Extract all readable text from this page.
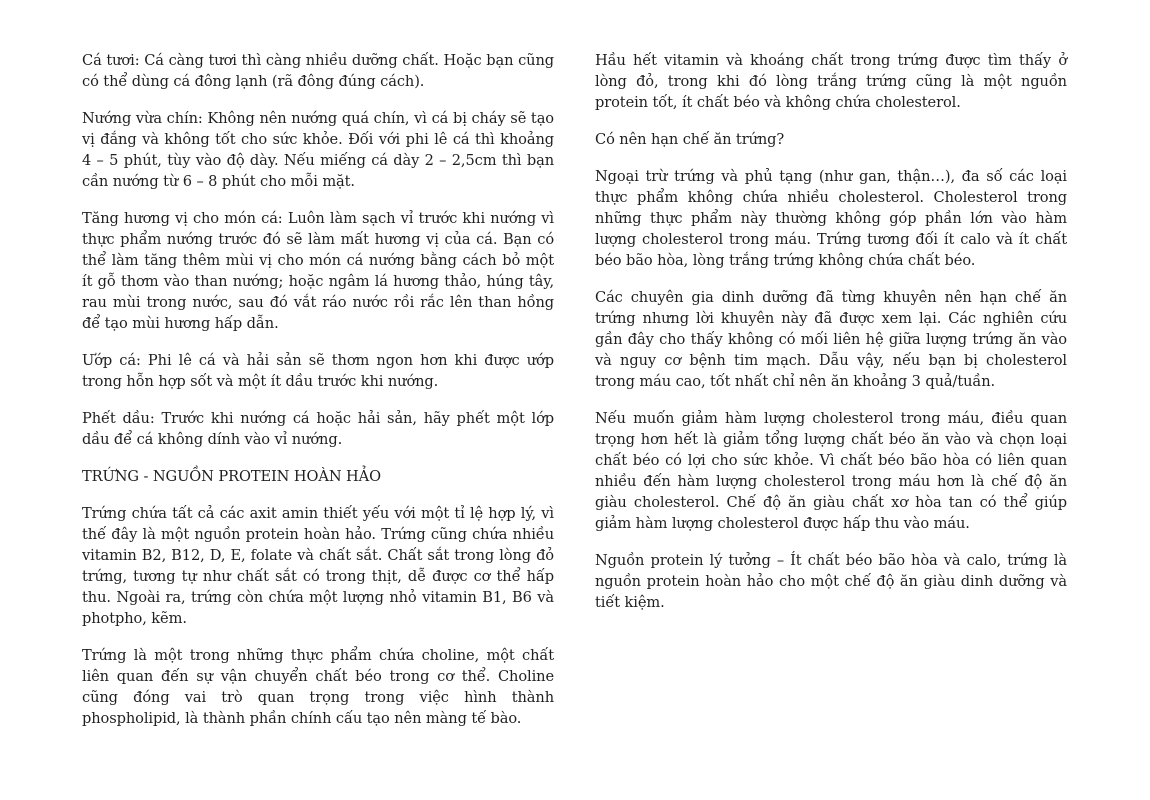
Cá tươi: Cá càng tươi thì càng nhiều dưỡng chất. Hoặc bạn cũng có thể dùng cá đông lạnh (rã đông đúng cách).

Nướng vừa chín: Không nên nướng quá chín, vì cá bị cháy sẽ tạo vị đắng và không tốt cho sức khỏe. Đối với phi lê cá thì khoảng 4 – 5 phút, tùy vào độ dày. Nếu miếng cá dày 2 – 2,5cm thì bạn cần nướng từ 6 – 8 phút cho mỗi mặt.

Tăng hương vị cho món cá: Luôn làm sạch vỉ trước khi nướng vì thực phẩm nướng trước đó sẽ làm mất hương vị của cá. Bạn có thể làm tăng thêm mùi vị cho món cá nướng bằng cách bỏ một ít gỗ thơm vào than nướng; hoặc ngâm lá hương thảo, húng tây, rau mùi trong nước, sau đó vắt ráo nước rồi rắc lên than hồng để tạo mùi hương hấp dẫn.

Ướp cá: Phi lê cá và hải sản sẽ thơm ngon hơn khi được ướp trong hỗn hợp sốt và một ít dầu trước khi nướng.

Phết dầu: Trước khi nướng cá hoặc hải sản, hãy phết một lớp dầu để cá không dính vào vỉ nướng.

TRỨNG - NGUỒN PROTEIN HOÀN HẢO

Trứng chứa tất cả các axit amin thiết yếu với một tỉ lệ hợp lý, vì thế đây là một nguồn protein hoàn hảo. Trứng cũng chứa nhiều vitamin B2, B12, D, E, folate và chất sắt. Chất sắt trong lòng đỏ trứng, tương tự như chất sắt có trong thịt, dễ được cơ thể hấp thu. Ngoài ra, trứng còn chứa một lượng nhỏ vitamin B1, B6 và photpho, kẽm.

Trứng là một trong những thực phẩm chứa choline, một chất liên quan đến sự vận chuyển chất béo trong cơ thể. Choline cũng đóng vai trò quan trọng trong việc hình thành phospholipid, là thành phần chính cấu tạo nên màng tế bào.

Hầu hết vitamin và khoáng chất trong trứng được tìm thấy ở lòng đỏ, trong khi đó lòng trắng trứng cũng là một nguồn protein tốt, ít chất béo và không chứa cholesterol.

Có nên hạn chế ăn trứng?

Ngoại trừ trứng và phủ tạng (như gan, thận…), đa số các loại thực phẩm không chứa nhiều cholesterol. Cholesterol trong những thực phẩm này thường không góp phần lớn vào hàm lượng cholesterol trong máu. Trứng tương đối ít calo và ít chất béo bão hòa, lòng trắng trứng không chứa chất béo.

Các chuyên gia dinh dưỡng đã từng khuyên nên hạn chế ăn trứng nhưng lời khuyên này đã được xem lại. Các nghiên cứu gần đây cho thấy không có mối liên hệ giữa lượng trứng ăn vào và nguy cơ bệnh tim mạch. Dẫu vậy, nếu bạn bị cholesterol trong máu cao, tốt nhất chỉ nên ăn khoảng 3 quả/tuần.

Nếu muốn giảm hàm lượng cholesterol trong máu, điều quan trọng hơn hết là giảm tổng lượng chất béo ăn vào và chọn loại chất béo có lợi cho sức khỏe. Vì chất béo bão hòa có liên quan nhiều đến hàm lượng cholesterol trong máu hơn là chế độ ăn giàu cholesterol. Chế độ ăn giàu chất xơ hòa tan có thể giúp giảm hàm lượng cholesterol được hấp thu vào máu.

Nguồn protein lý tưởng – Ít chất béo bão hòa và calo, trứng là nguồn protein hoàn hảo cho một chế độ ăn giàu dinh dưỡng và tiết kiệm.
